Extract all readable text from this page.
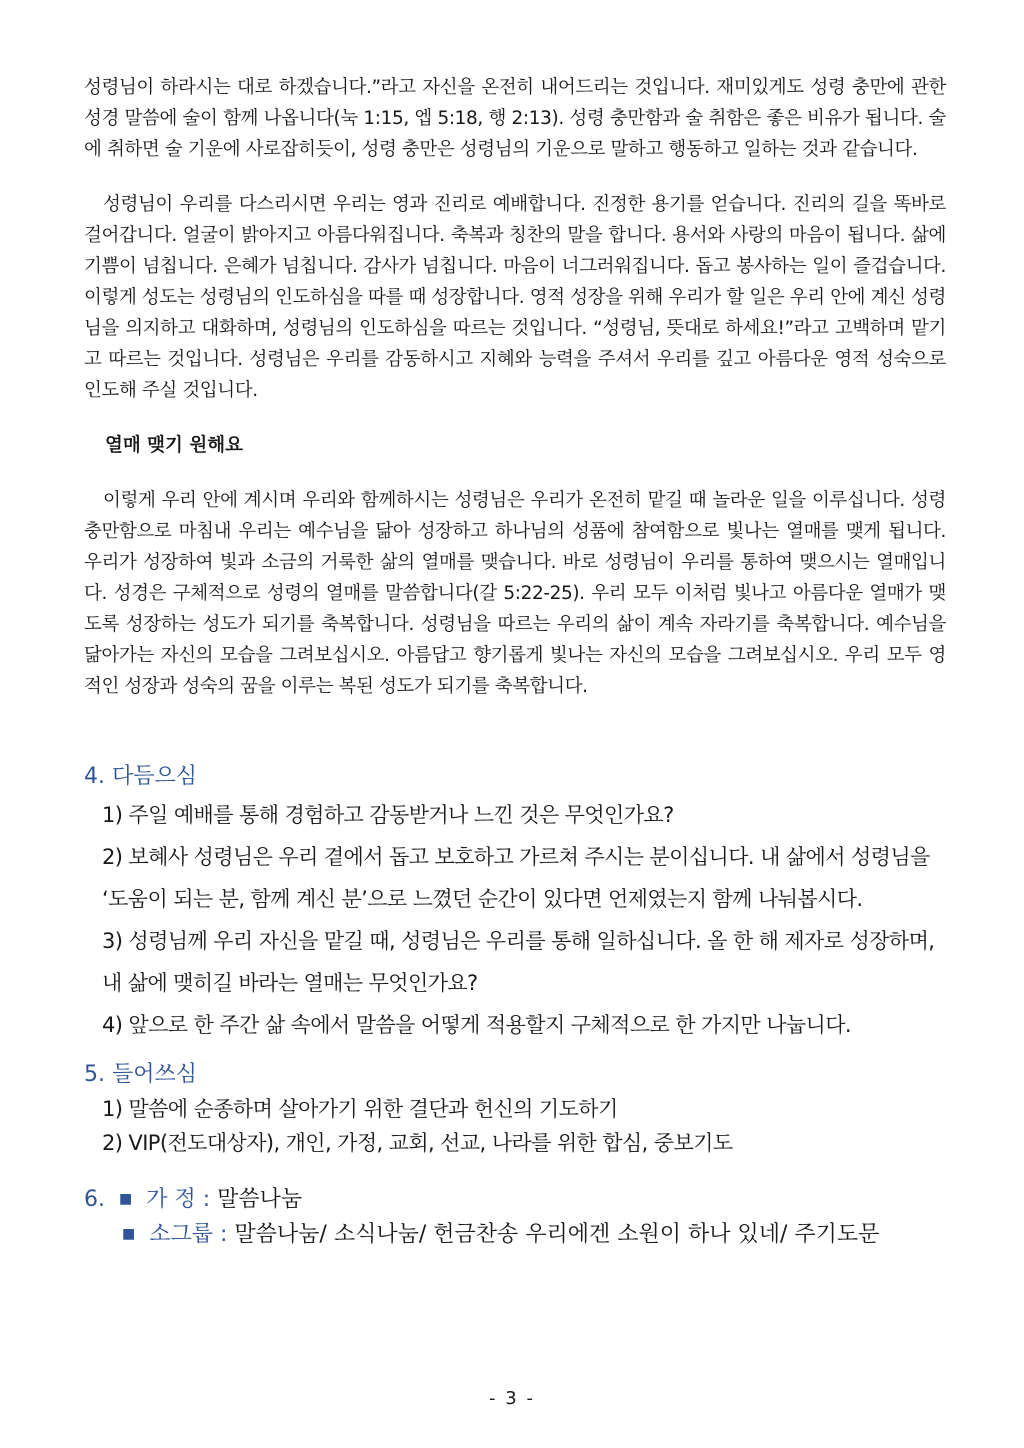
성령님이 하라시는 대로 하겠습니다.”라고 자신을 온전히 내어드리는 것입니다. 재미있게도 성령 충만에 관한 성경 말씀에 술이 함께 나옵니다(눅 1:15, 엡 5:18, 행 2:13). 성령 충만함과 술 취함은 좋은 비유가 됩니다. 술에 취하면 술 기운에 사로잡히듯이, 성령 충만은 성령님의 기운으로 말하고 행동하고 일하는 것과 같습니다.

성령님이 우리를 다스리시면 우리는 영과 진리로 예배합니다. 진정한 용기를 얻습니다. 진리의 길을 똑바로 걸어갑니다. 얼굴이 밝아지고 아름다워집니다. 축복과 칭찬의 말을 합니다. 용서와 사랑의 마음이 됩니다. 삶에 기쁨이 넘칩니다. 은혜가 넘칩니다. 감사가 넘칩니다. 마음이 너그러워집니다. 돕고 봉사하는 일이 즐겁습니다. 이렇게 성도는 성령님의 인도하심을 따를 때 성장합니다. 영적 성장을 위해 우리가 할 일은 우리 안에 계신 성령님을 의지하고 대화하며, 성령님의 인도하심을 따르는 것입니다. “성령님, 뜻대로 하세요!”라고 고백하며 맡기고 따르는 것입니다. 성령님은 우리를 감동하시고 지혜와 능력을 주셔서 우리를 깊고 아름다운 영적 성숙으로 인도해 주실 것입니다.

열매 맺기 원해요

이렇게 우리 안에 계시며 우리와 함께하시는 성령님은 우리가 온전히 맡길 때 놀라운 일을 이루십니다. 성령 충만함으로 마침내 우리는 예수님을 닮아 성장하고 하나님의 성품에 참여함으로 빛나는 열매를 맺게 됩니다. 우리가 성장하여 빛과 소금의 거룩한 삶의 열매를 맺습니다. 바로 성령님이 우리를 통하여 맺으시는 열매입니다. 성경은 구체적으로 성령의 열매를 말씀합니다(갈 5:22-25). 우리 모두 이처럼 빛나고 아름다운 열매가 맺도록 성장하는 성도가 되기를 축복합니다. 성령님을 따르는 우리의 삶이 계속 자라기를 축복합니다. 예수님을 닮아가는 자신의 모습을 그려보십시오. 아름답고 향기롭게 빛나는 자신의 모습을 그려보십시오. 우리 모두 영적인 성장과 성숙의 꿈을 이루는 복된 성도가 되기를 축복합니다.

4. 다듬으심

1) 주일 예배를 통해 경험하고 감동받거나 느낀 것은 무엇인가요?

2) 보혜사 성령님은 우리 곁에서 돕고 보호하고 가르쳐 주시는 분이십니다. 내 삶에서 성령님을

‘도움이 되는 분, 함께 계신 분’으로 느꼈던 순간이 있다면 언제였는지 함께 나눠봅시다.

3) 성령님께 우리 자신을 맡길 때, 성령님은 우리를 통해 일하십니다. 올 한 해 제자로 성장하며,

내 삶에 맺히길 바라는 열매는 무엇인가요?

4) 앞으로 한 주간 삶 속에서 말씀을 어떻게 적용할지 구체적으로 한 가지만 나눕니다.

5. 들어쓰심

1) 말씀에 순종하며 살아가기 위한 결단과 헌신의 기도하기

2) VIP(전도대상자), 개인, 가정, 교회, 선교, 나라를 위한 합심, 중보기도

6. ■ 가 정 : 말씀나눔

■ 소그룹 : 말씀나눔/ 소식나눔/ 헌금찬송 우리에겐 소원이 하나 있네/ 주기도문

- 3 -
